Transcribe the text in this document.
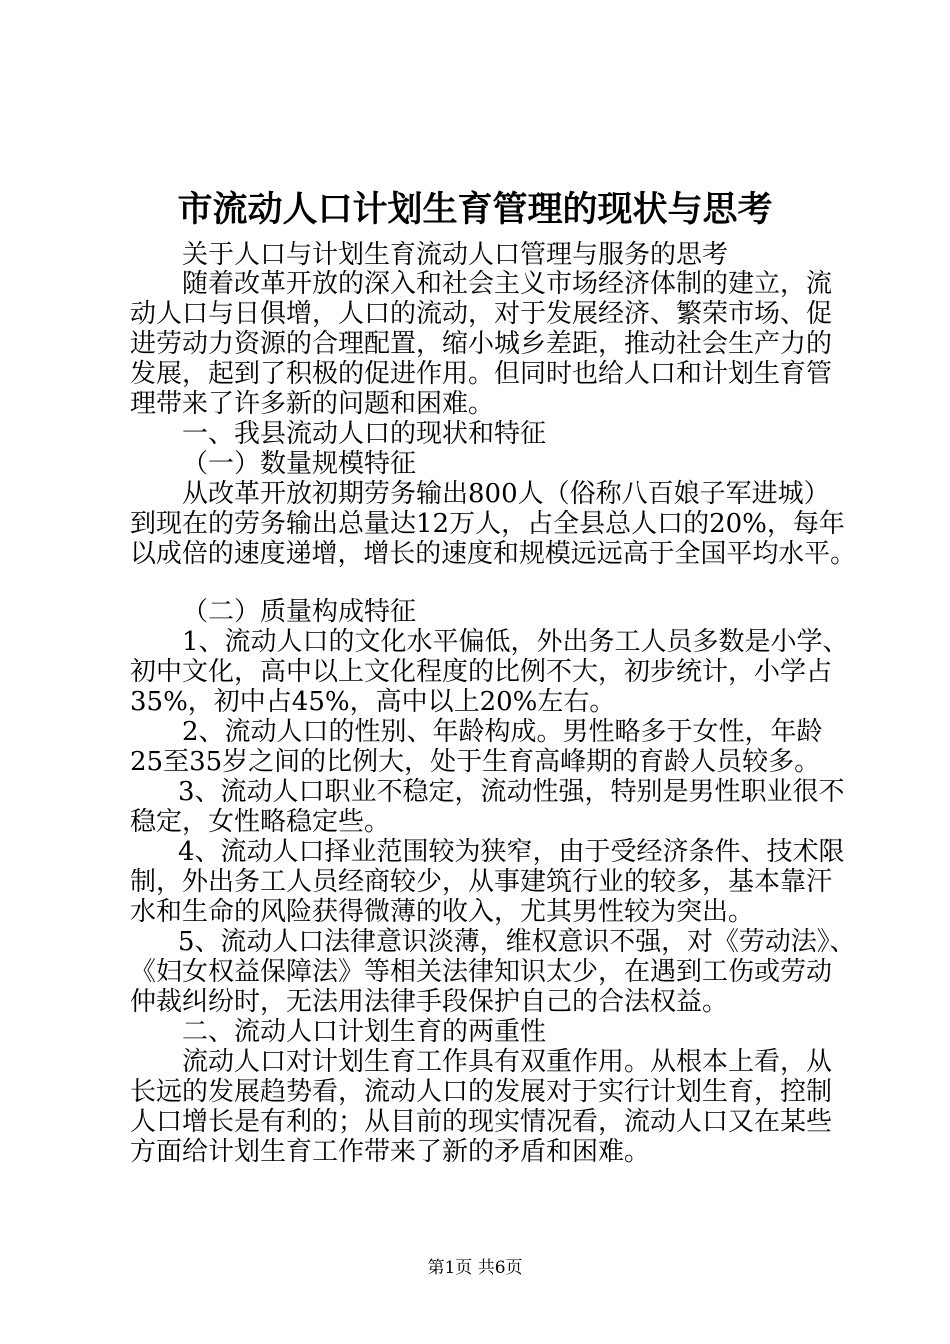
市流动人口计划生育管理的现状与思考
关于人口与计划生育流动人口管理与服务的思考
随着改革开放的深入和社会主义市场经济体制的建立，流
动人口与日俱增，人口的流动，对于发展经济、繁荣市场、促
进劳动力资源的合理配置，缩小城乡差距，推动社会生产力的
发展，起到了积极的促进作用。但同时也给人口和计划生育管
理带来了许多新的问题和困难。
一、我县流动人口的现状和特征
（一）数量规模特征
从改革开放初期劳务输出800人（俗称八百娘子军进城）
到现在的劳务输出总量达12万人，占全县总人口的20%，每年
以成倍的速度递增，增长的速度和规模远远高于全国平均水平。
（二）质量构成特征
1、流动人口的文化水平偏低，外出务工人员多数是小学、
初中文化，高中以上文化程度的比例不大，初步统计，小学占
35%，初中占45%，高中以上20%左右。
2、流动人口的性别、年龄构成。男性略多于女性，年龄
25至35岁之间的比例大，处于生育高峰期的育龄人员较多。
3、流动人口职业不稳定，流动性强，特别是男性职业很不
稳定，女性略稳定些。
4、流动人口择业范围较为狭窄，由于受经济条件、技术限
制，外出务工人员经商较少，从事建筑行业的较多，基本靠汗
水和生命的风险获得微薄的收入，尤其男性较为突出。
5、流动人口法律意识淡薄，维权意识不强，对《劳动法》、
《妇女权益保障法》等相关法律知识太少，在遇到工伤或劳动
仲裁纠纷时，无法用法律手段保护自己的合法权益。
二、流动人口计划生育的两重性
流动人口对计划生育工作具有双重作用。从根本上看，从
长远的发展趋势看，流动人口的发展对于实行计划生育，控制
人口增长是有利的；从目前的现实情况看，流动人口又在某些
方面给计划生育工作带来了新的矛盾和困难。
第1页 共6页
